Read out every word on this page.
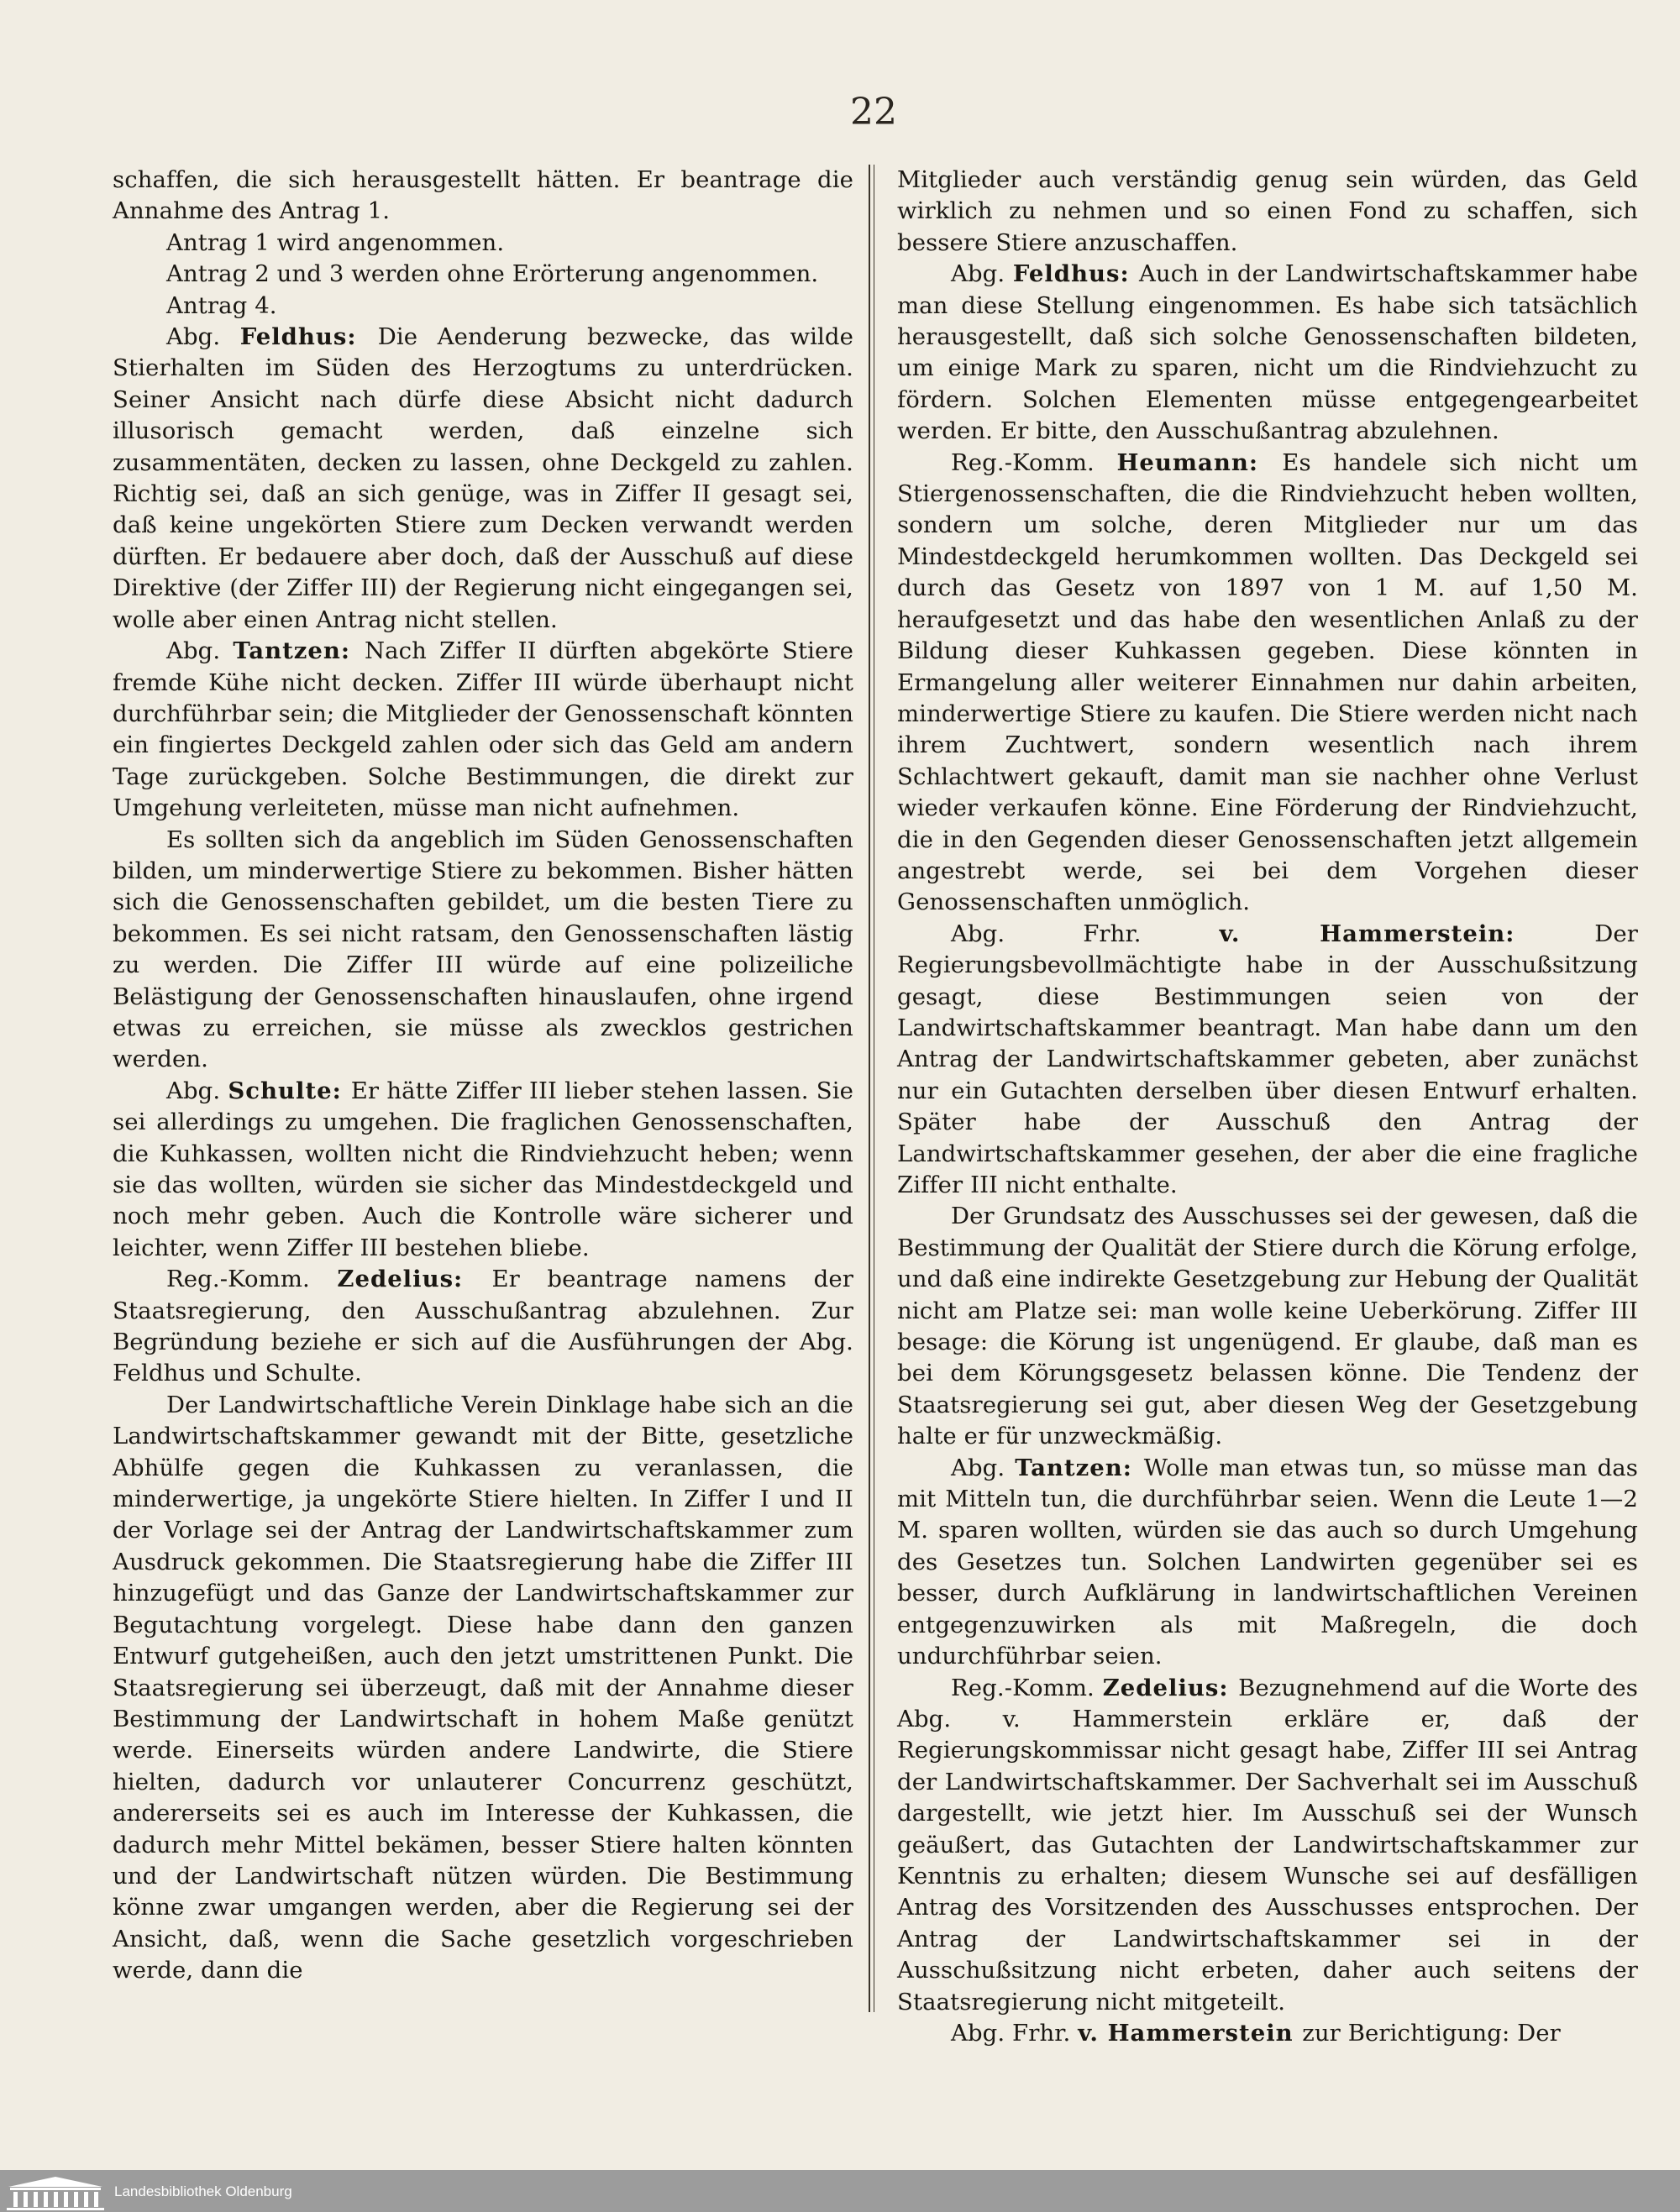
22

schaffen, die sich herausgestellt hätten. Er beantrage die Annahme des Antrag 1.

Antrag 1 wird angenommen.

Antrag 2 und 3 werden ohne Erörterung angenommen.

Antrag 4.

Abg. Feldhus: Die Aenderung bezwecke, das wilde Stierhalten im Süden des Herzogtums zu unterdrücken. Seiner Ansicht nach dürfe diese Absicht nicht dadurch illusorisch gemacht werden, daß einzelne sich zusammentäten, decken zu lassen, ohne Deckgeld zu zahlen. Richtig sei, daß an sich genüge, was in Ziffer II gesagt sei, daß keine ungekörten Stiere zum Decken verwandt werden dürften. Er bedauere aber doch, daß der Ausschuß auf diese Direktive (der Ziffer III) der Regierung nicht eingegangen sei, wolle aber einen Antrag nicht stellen.

Abg. Tantzen: Nach Ziffer II dürften abgekörte Stiere fremde Kühe nicht decken. Ziffer III würde überhaupt nicht durchführbar sein; die Mitglieder der Genossenschaft könnten ein fingiertes Deckgeld zahlen oder sich das Geld am andern Tage zurückgeben. Solche Bestimmungen, die direkt zur Umgehung verleiteten, müsse man nicht aufnehmen.

Es sollten sich da angeblich im Süden Genossenschaften bilden, um minderwertige Stiere zu bekommen. Bisher hätten sich die Genossenschaften gebildet, um die besten Tiere zu bekommen. Es sei nicht ratsam, den Genossenschaften lästig zu werden. Die Ziffer III würde auf eine polizeiliche Belästigung der Genossenschaften hinauslaufen, ohne irgend etwas zu erreichen, sie müsse als zwecklos gestrichen werden.

Abg. Schulte: Er hätte Ziffer III lieber stehen lassen. Sie sei allerdings zu umgehen. Die fraglichen Genossenschaften, die Kuhkassen, wollten nicht die Rindviehzucht heben; wenn sie das wollten, würden sie sicher das Mindestdeckgeld und noch mehr geben. Auch die Kontrolle wäre sicherer und leichter, wenn Ziffer III bestehen bliebe.

Reg.-Komm. Zedelius: Er beantrage namens der Staatsregierung, den Ausschußantrag abzulehnen. Zur Begründung beziehe er sich auf die Ausführungen der Abg. Feldhus und Schulte.

Der Landwirtschaftliche Verein Dinklage habe sich an die Landwirtschaftskammer gewandt mit der Bitte, gesetzliche Abhülfe gegen die Kuhkassen zu veranlassen, die minderwertige, ja ungekörte Stiere hielten. In Ziffer I und II der Vorlage sei der Antrag der Landwirtschaftskammer zum Ausdruck gekommen. Die Staatsregierung habe die Ziffer III hinzugefügt und das Ganze der Landwirtschaftskammer zur Begutachtung vorgelegt. Diese habe dann den ganzen Entwurf gutgeheißen, auch den jetzt umstrittenen Punkt. Die Staatsregierung sei überzeugt, daß mit der Annahme dieser Bestimmung der Landwirtschaft in hohem Maße genützt werde. Einerseits würden andere Landwirte, die Stiere hielten, dadurch vor unlauterer Concurrenz geschützt, andererseits sei es auch im Interesse der Kuhkassen, die dadurch mehr Mittel bekämen, besser Stiere halten könnten und der Landwirtschaft nützen würden. Die Bestimmung könne zwar umgangen werden, aber die Regierung sei der Ansicht, daß, wenn die Sache gesetzlich vorgeschrieben werde, dann die

Mitglieder auch verständig genug sein würden, das Geld wirklich zu nehmen und so einen Fond zu schaffen, sich bessere Stiere anzuschaffen.

Abg. Feldhus: Auch in der Landwirtschaftskammer habe man diese Stellung eingenommen. Es habe sich tatsächlich herausgestellt, daß sich solche Genossenschaften bildeten, um einige Mark zu sparen, nicht um die Rindviehzucht zu fördern. Solchen Elementen müsse entgegengearbeitet werden. Er bitte, den Ausschußantrag abzulehnen.

Reg.-Komm. Heumann: Es handele sich nicht um Stiergenossenschaften, die die Rindviehzucht heben wollten, sondern um solche, deren Mitglieder nur um das Mindestdeckgeld herumkommen wollten. Das Deckgeld sei durch das Gesetz von 1897 von 1 M. auf 1,50 M. heraufgesetzt und das habe den wesentlichen Anlaß zu der Bildung dieser Kuhkassen gegeben. Diese könnten in Ermangelung aller weiterer Einnahmen nur dahin arbeiten, minderwertige Stiere zu kaufen. Die Stiere werden nicht nach ihrem Zuchtwert, sondern wesentlich nach ihrem Schlachtwert gekauft, damit man sie nachher ohne Verlust wieder verkaufen könne. Eine Förderung der Rindviehzucht, die in den Gegenden dieser Genossenschaften jetzt allgemein angestrebt werde, sei bei dem Vorgehen dieser Genossenschaften unmöglich.

Abg. Frhr. v. Hammerstein: Der Regierungsbevollmächtigte habe in der Ausschußsitzung gesagt, diese Bestimmungen seien von der Landwirtschaftskammer beantragt. Man habe dann um den Antrag der Landwirtschaftskammer gebeten, aber zunächst nur ein Gutachten derselben über diesen Entwurf erhalten. Später habe der Ausschuß den Antrag der Landwirtschaftskammer gesehen, der aber die eine fragliche Ziffer III nicht enthalte.

Der Grundsatz des Ausschusses sei der gewesen, daß die Bestimmung der Qualität der Stiere durch die Körung erfolge, und daß eine indirekte Gesetzgebung zur Hebung der Qualität nicht am Platze sei: man wolle keine Ueberkörung. Ziffer III besage: die Körung ist ungenügend. Er glaube, daß man es bei dem Körungsgesetz belassen könne. Die Tendenz der Staatsregierung sei gut, aber diesen Weg der Gesetzgebung halte er für unzweckmäßig.

Abg. Tantzen: Wolle man etwas tun, so müsse man das mit Mitteln tun, die durchführbar seien. Wenn die Leute 1—2 M. sparen wollten, würden sie das auch so durch Umgehung des Gesetzes tun. Solchen Landwirten gegenüber sei es besser, durch Aufklärung in landwirtschaftlichen Vereinen entgegenzuwirken als mit Maßregeln, die doch undurchführbar seien.

Reg.-Komm. Zedelius: Bezugnehmend auf die Worte des Abg. v. Hammerstein erkläre er, daß der Regierungskommissar nicht gesagt habe, Ziffer III sei Antrag der Landwirtschaftskammer. Der Sachverhalt sei im Ausschuß dargestellt, wie jetzt hier. Im Ausschuß sei der Wunsch geäußert, das Gutachten der Landwirtschaftskammer zur Kenntnis zu erhalten; diesem Wunsche sei auf desfälligen Antrag des Vorsitzenden des Ausschusses entsprochen. Der Antrag der Landwirtschaftskammer sei in der Ausschußsitzung nicht erbeten, daher auch seitens der Staatsregierung nicht mitgeteilt.

Abg. Frhr. v. Hammerstein zur Berichtigung: Der

Landesbibliothek Oldenburg
